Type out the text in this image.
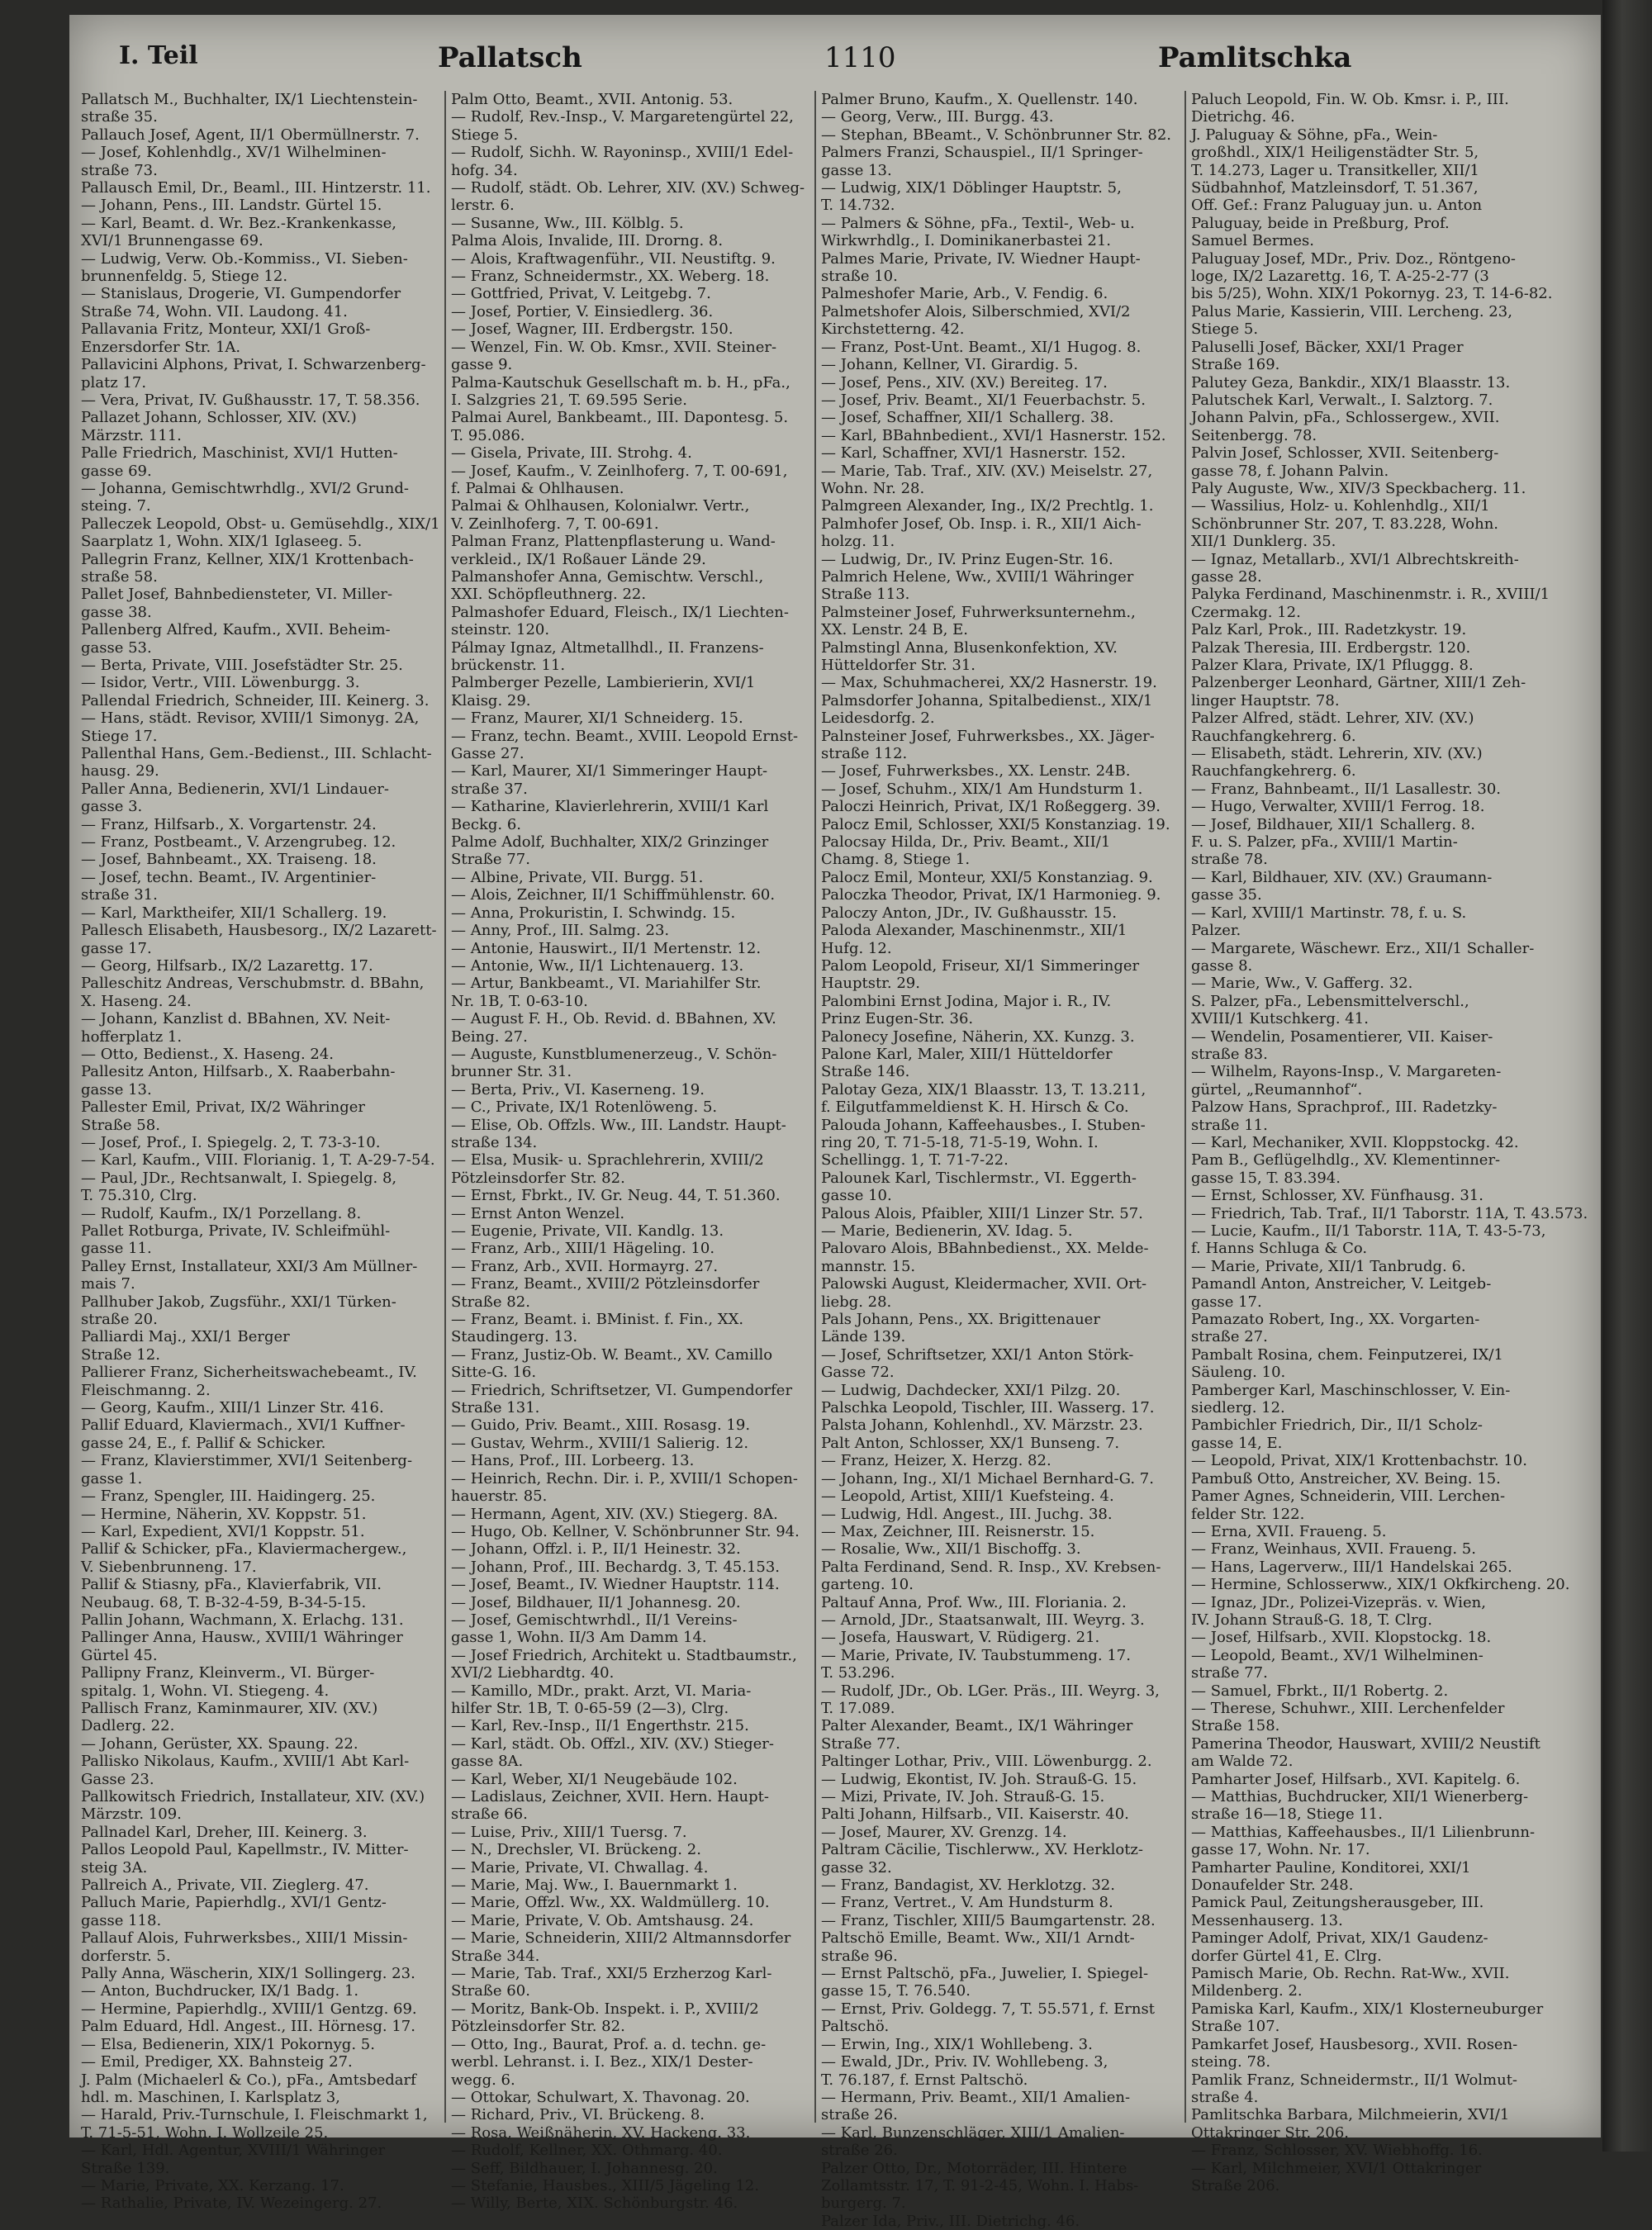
I. Teil	Pallatsch	1110	Pamlitschka
Pallatsch M., Buchhalter, IX/1 Liechtenstein-
straße 35.
Pallauch Josef, Agent, II/1 Obermüllnerstr. 7.
— Josef, Kohlenhdlg., XV/1 Wilhelminen-
straße 73.
Pallausch Emil, Dr., Beaml., III. Hintzerstr. 11.
— Johann, Pens., III. Landstr. Gürtel 15.
— Karl, Beamt. d. Wr. Bez.-Krankenkasse,
XVI/1 Brunnengasse 69.
— Ludwig, Verw. Ob.-Kommiss., VI. Sieben-
brunnenfeldg. 5, Stiege 12.
— Stanislaus, Drogerie, VI. Gumpendorfer
Straße 74, Wohn. VII. Laudong. 41.
Pallavania Fritz, Monteur, XXI/1 Groß-
Enzersdorfer Str. 1A.
Pallavicini Alphons, Privat, I. Schwarzenberg-
platz 17.
— Vera, Privat, IV. Gußhausstr. 17, T. 58.356.
Pallazet Johann, Schlosser, XIV. (XV.)
Märzstr. 111.
Palle Friedrich, Maschinist, XVI/1 Hutten-
gasse 69.
— Johanna, Gemischtwrhdlg., XVI/2 Grund-
steing. 7.
Palleczek Leopold, Obst- u. Gemüsehdlg., XIX/1
Saarplatz 1, Wohn. XIX/1 Iglaseeg. 5.
Pallegrin Franz, Kellner, XIX/1 Krottenbach-
straße 58.
Pallet Josef, Bahnbediensteter, VI. Miller-
gasse 38.
Pallenberg Alfred, Kaufm., XVII. Beheim-
gasse 53.
— Berta, Private, VIII. Josefstädter Str. 25.
— Isidor, Vertr., VIII. Löwenburgg. 3.
Pallendal Friedrich, Schneider, III. Keinerg. 3.
— Hans, städt. Revisor, XVIII/1 Simonyg. 2A,
Stiege 17.
Pallenthal Hans, Gem.-Bedienst., III. Schlacht-
hausg. 29.
Paller Anna, Bedienerin, XVI/1 Lindauer-
gasse 3.
— Franz, Hilfsarb., X. Vorgartenstr. 24.
— Franz, Postbeamt., V. Arzengrubeg. 12.
— Josef, Bahnbeamt., XX. Traiseng. 18.
— Josef, techn. Beamt., IV. Argentinier-
straße 31.
— Karl, Marktheifer, XII/1 Schallerg. 19.
Pallesch Elisabeth, Hausbesorg., IX/2 Lazarett-
gasse 17.
— Georg, Hilfsarb., IX/2 Lazarettg. 17.
Palleschitz Andreas, Verschubmstr. d. BBahn,
X. Haseng. 24.
— Johann, Kanzlist d. BBahnen, XV. Neit-
hofferplatz 1.
— Otto, Bedienst., X. Haseng. 24.
Pallesitz Anton, Hilfsarb., X. Raaberbahn-
gasse 13.
Pallester Emil, Privat, IX/2 Währinger
Straße 58.
— Josef, Prof., I. Spiegelg. 2, T. 73-3-10.
— Karl, Kaufm., VIII. Florianig. 1, T. A-29-7-54.
— Paul, JDr., Rechtsanwalt, I. Spiegelg. 8,
T. 75.310, Clrg.
— Rudolf, Kaufm., IX/1 Porzellang. 8.
Pallet Rotburga, Private, IV. Schleifmühl-
gasse 11.
Palley Ernst, Installateur, XXI/3 Am Müllner-
mais 7.
Pallhuber Jakob, Zugsführ., XXI/1 Türken-
straße 20.
Palliardi Maj., XXI/1 Berger
Straße 12.
Pallierer Franz, Sicherheitswachebeamt., IV.
Fleischmanng. 2.
— Georg, Kaufm., XIII/1 Linzer Str. 416.
Pallif Eduard, Klaviermach., XVI/1 Kuffner-
gasse 24, E., f. Pallif & Schicker.
— Franz, Klavierstimmer, XVI/1 Seitenberg-
gasse 1.
— Franz, Spengler, III. Haidingerg. 25.
— Hermine, Näherin, XV. Koppstr. 51.
— Karl, Expedient, XVI/1 Koppstr. 51.
Pallif & Schicker, pFa., Klaviermachergew.,
V. Siebenbrunneng. 17.
Pallif & Stiasny, pFa., Klavierfabrik, VII.
Neubaug. 68, T. B-32-4-59, B-34-5-15.
Pallin Johann, Wachmann, X. Erlachg. 131.
Pallinger Anna, Hausw., XVIII/1 Währinger
Gürtel 45.
Pallipny Franz, Kleinverm., VI. Bürger-
spitalg. 1, Wohn. VI. Stiegeng. 4.
Pallisch Franz, Kaminmaurer, XIV. (XV.)
Dadlerg. 22.
— Johann, Gerüster, XX. Spaung. 22.
Pallisko Nikolaus, Kaufm., XVIII/1 Abt Karl-
Gasse 23.
Pallkowitsch Friedrich, Installateur, XIV. (XV.)
Märzstr. 109.
Pallnadel Karl, Dreher, III. Keinerg. 3.
Pallos Leopold Paul, Kapellmstr., IV. Mitter-
steig 3A.
Pallreich A., Private, VII. Zieglerg. 47.
Palluch Marie, Papierhdlg., XVI/1 Gentz-
gasse 118.
Pallauf Alois, Fuhrwerksbes., XIII/1 Missin-
dorferstr. 5.
Pally Anna, Wäscherin, XIX/1 Sollingerg. 23.
— Anton, Buchdrucker, IX/1 Badg. 1.
— Hermine, Papierhdlg., XVIII/1 Gentzg. 69.
Palm Eduard, Hdl. Angest., III. Hörnesg. 17.
— Elsa, Bedienerin, XIX/1 Pokornyg. 5.
— Emil, Prediger, XX. Bahnsteig 27.
J. Palm (Michaelerl & Co.), pFa., Amtsbedarf
hdl. m. Maschinen, I. Karlsplatz 3,
— Harald, Priv.-Turnschule, I. Fleischmarkt 1,
T. 71-5-51, Wohn. I. Wollzeile 25.
— Karl, Hdl. Agentur, XVIII/1 Währinger
Straße 139.
— Marie, Private, XX. Kerzang. 17.
— Rathalie, Private, IV. Wezeingerg. 27.
Palm Otto, Beamt., XVII. Antonig. 53.
— Rudolf, Rev.-Insp., V. Margaretengürtel 22,
Stiege 5.
— Rudolf, Sichh. W. Rayoninsp., XVIII/1 Edel-
hofg. 34.
— Rudolf, städt. Ob. Lehrer, XIV. (XV.) Schweg-
lerstr. 6.
— Susanne, Ww., III. Kölblg. 5.
Palma Alois, Invalide, III. Drorng. 8.
— Alois, Kraftwagenführ., VII. Neustiftg. 9.
— Franz, Schneidermstr., XX. Weberg. 18.
— Gottfried, Privat, V. Leitgebg. 7.
— Josef, Portier, V. Einsiedlerg. 36.
— Josef, Wagner, III. Erdbergstr. 150.
— Wenzel, Fin. W. Ob. Kmsr., XVII. Steiner-
gasse 9.
Palma-Kautschuk Gesellschaft m. b. H., pFa.,
I. Salzgries 21, T. 69.595 Serie.
Palmai Aurel, Bankbeamt., III. Dapontesg. 5.
T. 95.086.
— Gisela, Private, III. Strohg. 4.
— Josef, Kaufm., V. Zeinlhoferg. 7, T. 00-691,
f. Palmai & Ohlhausen.
Palmai & Ohlhausen, Kolonialwr. Vertr.,
V. Zeinlhoferg. 7, T. 00-691.
Palman Franz, Plattenpflasterung u. Wand-
verkleid., IX/1 Roßauer Lände 29.
Palmanshofer Anna, Gemischtw. Verschl.,
XXI. Schöpfleuthnerg. 22.
Palmashofer Eduard, Fleisch., IX/1 Liechten-
steinstr. 120.
Pálmay Ignaz, Altmetallhdl., II. Franzens-
brückenstr. 11.
Palmberger Pezelle, Lambierierin, XVI/1
Klaisg. 29.
— Franz, Maurer, XI/1 Schneiderg. 15.
— Franz, techn. Beamt., XVIII. Leopold Ernst-
Gasse 27.
— Karl, Maurer, XI/1 Simmeringer Haupt-
straße 37.
— Katharine, Klavierlehrerin, XVIII/1 Karl
Beckg. 6.
Palme Adolf, Buchhalter, XIX/2 Grinzinger
Straße 77.
— Albine, Private, VII. Burgg. 51.
— Alois, Zeichner, II/1 Schiffmühlenstr. 60.
— Anna, Prokuristin, I. Schwindg. 15.
— Anny, Prof., III. Salmg. 23.
— Antonie, Hauswirt., II/1 Mertenstr. 12.
— Antonie, Ww., II/1 Lichtenauerg. 13.
— Artur, Bankbeamt., VI. Mariahilfer Str.
Nr. 1B, T. 0-63-10.
— August F. H., Ob. Revid. d. BBahnen, XV.
Being. 27.
— Auguste, Kunstblumenerzeug., V. Schön-
brunner Str. 31.
— Berta, Priv., VI. Kaserneng. 19.
— C., Private, IX/1 Rotenlöweng. 5.
— Elise, Ob. Offzls. Ww., III. Landstr. Haupt-
straße 134.
— Elsa, Musik- u. Sprachlehrerin, XVIII/2
Pötzleinsdorfer Str. 82.
— Ernst, Fbrkt., IV. Gr. Neug. 44, T. 51.360.
— Ernst Anton Wenzel.
— Eugenie, Private, VII. Kandlg. 13.
— Franz, Arb., XIII/1 Hägeling. 10.
— Franz, Arb., XVII. Hormayrg. 27.
— Franz, Beamt., XVIII/2 Pötzleinsdorfer
Straße 82.
— Franz, Beamt. i. BMinist. f. Fin., XX.
Staudingerg. 13.
— Franz, Justiz-Ob. W. Beamt., XV. Camillo
Sitte-G. 16.
— Friedrich, Schriftsetzer, VI. Gumpendorfer
Straße 131.
— Guido, Priv. Beamt., XIII. Rosasg. 19.
— Gustav, Wehrm., XVIII/1 Salierig. 12.
— Hans, Prof., III. Lorbeerg. 13.
— Heinrich, Rechn. Dir. i. P., XVIII/1 Schopen-
hauerstr. 85.
— Hermann, Agent, XIV. (XV.) Stiegerg. 8A.
— Hugo, Ob. Kellner, V. Schönbrunner Str. 94.
— Johann, Offzl. i. P., II/1 Heinestr. 32.
— Johann, Prof., III. Bechardg. 3, T. 45.153.
— Josef, Beamt., IV. Wiedner Hauptstr. 114.
— Josef, Bildhauer, II/1 Johannesg. 20.
— Josef, Gemischtwrhdl., II/1 Vereins-
gasse 1, Wohn. II/3 Am Damm 14.
— Josef Friedrich, Architekt u. Stadtbaumstr.,
XVI/2 Liebhardtg. 40.
— Kamillo, MDr., prakt. Arzt, VI. Maria-
hilfer Str. 1B, T. 0-65-59 (2—3), Clrg.
— Karl, Rev.-Insp., II/1 Engerthstr. 215.
— Karl, städt. Ob. Offzl., XIV. (XV.) Stieger-
gasse 8A.
— Karl, Weber, XI/1 Neugebäude 102.
— Ladislaus, Zeichner, XVII. Hern. Haupt-
straße 66.
— Luise, Priv., XIII/1 Tuersg. 7.
— N., Drechsler, VI. Brückeng. 2.
— Marie, Private, VI. Chwallag. 4.
— Marie, Maj. Ww., I. Bauernmarkt 1.
— Marie, Offzl. Ww., XX. Waldmüllerg. 10.
— Marie, Private, V. Ob. Amtshausg. 24.
— Marie, Schneiderin, XIII/2 Altmannsdorfer
Straße 344.
— Marie, Tab. Traf., XXI/5 Erzherzog Karl-
Straße 60.
— Moritz, Bank-Ob. Inspekt. i. P., XVIII/2
Pötzleinsdorfer Str. 82.
— Otto, Ing., Baurat, Prof. a. d. techn. ge-
werbl. Lehranst. i. I. Bez., XIX/1 Dester-
wegg. 6.
— Ottokar, Schulwart, X. Thavonag. 20.
— Richard, Priv., VI. Brückeng. 8.
— Rosa, Weißnäherin, XV. Hackeng. 33.
— Rudolf, Kellner, XX. Othmarg. 40.
— Seff, Bildhauer, I. Johannesg. 20.
— Stefanie, Hausbes., XIII/5 Jägeling 12.
— Willy, Berte, XIX. Schönburgstr. 46.
Palmer Bruno, Kaufm., X. Quellenstr. 140.
— Georg, Verw., III. Burgg. 43.
— Stephan, BBeamt., V. Schönbrunner Str. 82.
Palmers Franzi, Schauspiel., II/1 Springer-
gasse 13.
— Ludwig, XIX/1 Döblinger Hauptstr. 5,
T. 14.732.
— Palmers & Söhne, pFa., Textil-, Web- u.
Wirkwrhdlg., I. Dominikanerbastei 21.
Palmes Marie, Private, IV. Wiedner Haupt-
straße 10.
Palmeshofer Marie, Arb., V. Fendig. 6.
Palmetshofer Alois, Silberschmied, XVI/2
Kirchstetterng. 42.
— Franz, Post-Unt. Beamt., XI/1 Hugog. 8.
— Johann, Kellner, VI. Girardig. 5.
— Josef, Pens., XIV. (XV.) Bereiteg. 17.
— Josef, Priv. Beamt., XI/1 Feuerbachstr. 5.
— Josef, Schaffner, XII/1 Schallerg. 38.
— Karl, BBahnbedient., XVI/1 Hasnerstr. 152.
— Karl, Schaffner, XVI/1 Hasnerstr. 152.
— Marie, Tab. Traf., XIV. (XV.) Meiselstr. 27,
Wohn. Nr. 28.
Palmgreen Alexander, Ing., IX/2 Prechtlg. 1.
Palmhofer Josef, Ob. Insp. i. R., XII/1 Aich-
holzg. 11.
— Ludwig, Dr., IV. Prinz Eugen-Str. 16.
Palmrich Helene, Ww., XVIII/1 Währinger
Straße 113.
Palmsteiner Josef, Fuhrwerksunternehm.,
XX. Lenstr. 24 B, E.
Palmstingl Anna, Blusenkonfektion, XV.
Hütteldorfer Str. 31.
— Max, Schuhmacherei, XX/2 Hasnerstr. 19.
Palmsdorfer Johanna, Spitalbedienst., XIX/1
Leidesdorfg. 2.
Palnsteiner Josef, Fuhrwerksbes., XX. Jäger-
straße 112.
— Josef, Fuhrwerksbes., XX. Lenstr. 24B.
— Josef, Schuhm., XIX/1 Am Hundsturm 1.
Paloczi Heinrich, Privat, IX/1 Roßeggerg. 39.
Palocz Emil, Schlosser, XXI/5 Konstanziag. 19.
Palocsay Hilda, Dr., Priv. Beamt., XII/1
Chamg. 8, Stiege 1.
Palocz Emil, Monteur, XXI/5 Konstanziag. 9.
Paloczka Theodor, Privat, IX/1 Harmonieg. 9.
Paloczy Anton, JDr., IV. Gußhausstr. 15.
Paloda Alexander, Maschinenmstr., XII/1
Hufg. 12.
Palom Leopold, Friseur, XI/1 Simmeringer
Hauptstr. 29.
Palombini Ernst Jodina, Major i. R., IV.
Prinz Eugen-Str. 36.
Palonecy Josefine, Näherin, XX. Kunzg. 3.
Palone Karl, Maler, XIII/1 Hütteldorfer
Straße 146.
Palotay Geza, XIX/1 Blaasstr. 13, T. 13.211,
f. Eilgutfammeldienst K. H. Hirsch & Co.
Palouda Johann, Kaffeehausbes., I. Stuben-
ring 20, T. 71-5-18, 71-5-19, Wohn. I.
Schellingg. 1, T. 71-7-22.
Palounek Karl, Tischlermstr., VI. Eggerth-
gasse 10.
Palous Alois, Pfaibler, XIII/1 Linzer Str. 57.
— Marie, Bedienerin, XV. Idag. 5.
Palovaro Alois, BBahnbedienst., XX. Melde-
mannstr. 15.
Palowski August, Kleidermacher, XVII. Ort-
liebg. 28.
Pals Johann, Pens., XX. Brigittenauer
Lände 139.
— Josef, Schriftsetzer, XXI/1 Anton Störk-
Gasse 72.
— Ludwig, Dachdecker, XXI/1 Pilzg. 20.
Palschka Leopold, Tischler, III. Wasserg. 17.
Palsta Johann, Kohlenhdl., XV. Märzstr. 23.
Palt Anton, Schlosser, XX/1 Bunseng. 7.
— Franz, Heizer, X. Herzg. 82.
— Johann, Ing., XI/1 Michael Bernhard-G. 7.
— Leopold, Artist, XIII/1 Kuefsteing. 4.
— Ludwig, Hdl. Angest., III. Juchg. 38.
— Max, Zeichner, III. Reisnerstr. 15.
— Rosalie, Ww., XII/1 Bischoffg. 3.
Palta Ferdinand, Send. R. Insp., XV. Krebsen-
garteng. 10.
Paltauf Anna, Prof. Ww., III. Floriania. 2.
— Arnold, JDr., Staatsanwalt, III. Weyrg. 3.
— Josefa, Hauswart, V. Rüdigerg. 21.
— Marie, Private, IV. Taubstummeng. 17.
T. 53.296.
— Rudolf, JDr., Ob. LGer. Präs., III. Weyrg. 3,
T. 17.089.
Palter Alexander, Beamt., IX/1 Währinger
Straße 77.
Paltinger Lothar, Priv., VIII. Löwenburgg. 2.
— Ludwig, Ekontist, IV. Joh. Strauß-G. 15.
— Mizi, Private, IV. Joh. Strauß-G. 15.
Palti Johann, Hilfsarb., VII. Kaiserstr. 40.
— Josef, Maurer, XV. Grenzg. 14.
Paltram Cäcilie, Tischlerww., XV. Herklotz-
gasse 32.
— Franz, Bandagist, XV. Herklotzg. 32.
— Franz, Vertret., V. Am Hundsturm 8.
— Franz, Tischler, XIII/5 Baumgartenstr. 28.
Paltschö Emille, Beamt. Ww., XII/1 Arndt-
straße 96.
— Ernst Paltschö, pFa., Juwelier, I. Spiegel-
gasse 15, T. 76.540.
— Ernst, Priv. Goldegg. 7, T. 55.571, f. Ernst
Paltschö.
— Erwin, Ing., XIX/1 Wohllebeng. 3.
— Ewald, JDr., Priv. IV. Wohllebeng. 3,
T. 76.187, f. Ernst Paltschö.
— Hermann, Priv. Beamt., XII/1 Amalien-
straße 26.
— Karl, Bunzenschläger, XIII/1 Amalien-
straße 26.
Palzer Otto, Dr., Motorräder, III. Hintere
Zollamtsstr. 17, T. 91-2-45, Wohn. I. Habs-
burgerg. 7.
Palzer Ida, Priv., III. Dietrichg. 46.
Paluch Leopold, Fin. W. Ob. Kmsr. i. P., III.
Dietrichg. 46.
J. Paluguay & Söhne, pFa., Wein-
großhdl., XIX/1 Heiligenstädter Str. 5,
T. 14.273, Lager u. Transitkeller, XII/1
Südbahnhof, Matzleinsdorf, T. 51.367,
Off. Gef.: Franz Paluguay jun. u. Anton
Paluguay, beide in Preßburg, Prof.
Samuel Bermes.
Paluguay Josef, MDr., Priv. Doz., Röntgeno-
loge, IX/2 Lazarettg. 16, T. A-25-2-77 (3
bis 5/25), Wohn. XIX/1 Pokornyg. 23, T. 14-6-82.
Palus Marie, Kassierin, VIII. Lercheng. 23,
Stiege 5.
Paluselli Josef, Bäcker, XXI/1 Prager
Straße 169.
Palutey Geza, Bankdir., XIX/1 Blaasstr. 13.
Palutschek Karl, Verwalt., I. Salztorg. 7.
Johann Palvin, pFa., Schlossergew., XVII.
Seitenbergg. 78.
Palvin Josef, Schlosser, XVII. Seitenberg-
gasse 78, f. Johann Palvin.
Paly Auguste, Ww., XIV/3 Speckbacherg. 11.
— Wassilius, Holz- u. Kohlenhdlg., XII/1
Schönbrunner Str. 207, T. 83.228, Wohn.
XII/1 Dunklerg. 35.
— Ignaz, Metallarb., XVI/1 Albrechtskreith-
gasse 28.
Palyka Ferdinand, Maschinenmstr. i. R., XVIII/1
Czermakg. 12.
Palz Karl, Prok., III. Radetzkystr. 19.
Palzak Theresia, III. Erdbergstr. 120.
Palzer Klara, Private, IX/1 Pfluggg. 8.
Palzenberger Leonhard, Gärtner, XIII/1 Zeh-
linger Hauptstr. 78.
Palzer Alfred, städt. Lehrer, XIV. (XV.)
Rauchfangkehrerg. 6.
— Elisabeth, städt. Lehrerin, XIV. (XV.)
Rauchfangkehrerg. 6.
— Franz, Bahnbeamt., II/1 Lasallestr. 30.
— Hugo, Verwalter, XVIII/1 Ferrog. 18.
— Josef, Bildhauer, XII/1 Schallerg. 8.
F. u. S. Palzer, pFa., XVIII/1 Martin-
straße 78.
— Karl, Bildhauer, XIV. (XV.) Graumann-
gasse 35.
— Karl, XVIII/1 Martinstr. 78, f. u. S.
Palzer.
— Margarete, Wäschewr. Erz., XII/1 Schaller-
gasse 8.
— Marie, Ww., V. Gafferg. 32.
S. Palzer, pFa., Lebensmittelverschl.,
XVIII/1 Kutschkerg. 41.
— Wendelin, Posamentierer, VII. Kaiser-
straße 83.
— Wilhelm, Rayons-Insp., V. Margareten-
gürtel, „Reumannhof“.
Palzow Hans, Sprachprof., III. Radetzky-
straße 11.
— Karl, Mechaniker, XVII. Kloppstockg. 42.
Pam B., Geflügelhdlg., XV. Klementinner-
gasse 15, T. 83.394.
— Ernst, Schlosser, XV. Fünfhausg. 31.
— Friedrich, Tab. Traf., II/1 Taborstr. 11A, T. 43.573.
— Lucie, Kaufm., II/1 Taborstr. 11A, T. 43-5-73,
f. Hanns Schluga & Co.
— Marie, Private, XII/1 Tanbrudg. 6.
Pamandl Anton, Anstreicher, V. Leitgeb-
gasse 17.
Pamazato Robert, Ing., XX. Vorgarten-
straße 27.
Pambalt Rosina, chem. Feinputzerei, IX/1
Säuleng. 10.
Pamberger Karl, Maschinschlosser, V. Ein-
siedlerg. 12.
Pambichler Friedrich, Dir., II/1 Scholz-
gasse 14, E.
— Leopold, Privat, XIX/1 Krottenbachstr. 10.
Pambuß Otto, Anstreicher, XV. Being. 15.
Pamer Agnes, Schneiderin, VIII. Lerchen-
felder Str. 122.
— Erna, XVII. Fraueng. 5.
— Franz, Weinhaus, XVII. Fraueng. 5.
— Hans, Lagerverw., III/1 Handelskai 265.
— Hermine, Schlosserww., XIX/1 Okfkircheng. 20.
— Ignaz, JDr., Polizei-Vizepräs. v. Wien,
IV. Johann Strauß-G. 18, T. Clrg.
— Josef, Hilfsarb., XVII. Klopstockg. 18.
— Leopold, Beamt., XV/1 Wilhelminen-
straße 77.
— Samuel, Fbrkt., II/1 Robertg. 2.
— Therese, Schuhwr., XIII. Lerchenfelder
Straße 158.
Pamerina Theodor, Hauswart, XVIII/2 Neustift
am Walde 72.
Pamharter Josef, Hilfsarb., XVI. Kapitelg. 6.
— Matthias, Buchdrucker, XII/1 Wienerberg-
straße 16—18, Stiege 11.
— Matthias, Kaffeehausbes., II/1 Lilienbrunn-
gasse 17, Wohn. Nr. 17.
Pamharter Pauline, Konditorei, XXI/1
Donaufelder Str. 248.
Pamick Paul, Zeitungsherausgeber, III.
Messenhauserg. 13.
Paminger Adolf, Privat, XIX/1 Gaudenz-
dorfer Gürtel 41, E. Clrg.
Pamisch Marie, Ob. Rechn. Rat-Ww., XVII.
Mildenberg. 2.
Pamiska Karl, Kaufm., XIX/1 Klosterneuburger
Straße 107.
Pamkarfet Josef, Hausbesorg., XVII. Rosen-
steing. 78.
Pamlik Franz, Schneidermstr., II/1 Wolmut-
straße 4.
Pamlitschka Barbara, Milchmeierin, XVI/1
Ottakringer Str. 206.
— Franz, Schlosser, XV. Wiebhoffg. 16.
— Karl, Milchmeier, XVI/1 Ottakringer
Straße 206.
